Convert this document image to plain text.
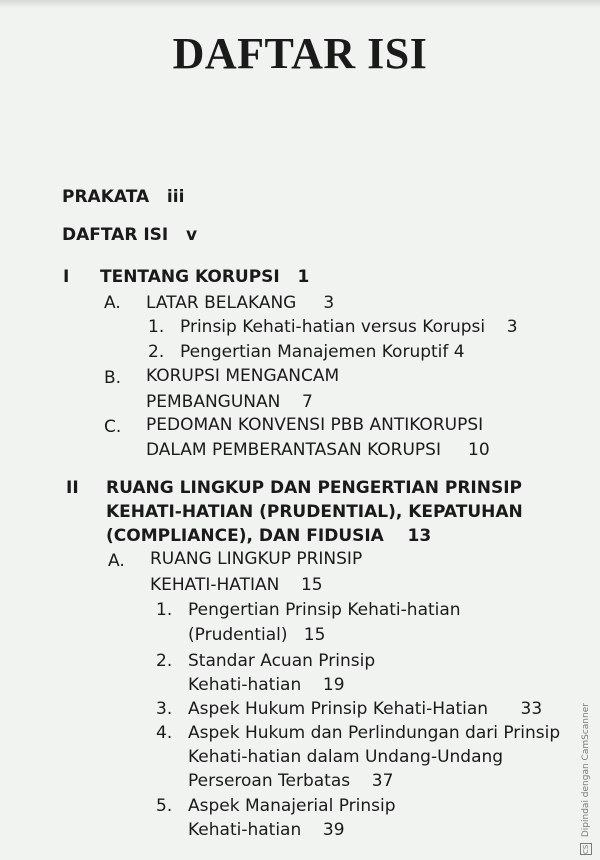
DAFTAR ISI
PRAKATA iii
DAFTAR ISI v
I TENTANG KORUPSI 1
A. LATAR BELAKANG 3
1. Prinsip Kehati-hatian versus Korupsi 3
2. Pengertian Manajemen Koruptif 4
B. KORUPSI MENGANCAM
PEMBANGUNAN 7
C. PEDOMAN KONVENSI PBB ANTIKORUPSI
DALAM PEMBERANTASAN KORUPSI 10
II RUANG LINGKUP DAN PENGERTIAN PRINSIP
KEHATI-HATIAN (PRUDENTIAL), KEPATUHAN
(COMPLIANCE), DAN FIDUSIA 13
A. RUANG LINGKUP PRINSIP
KEHATI-HATIAN 15
1. Pengertian Prinsip Kehati-hatian
(Prudential) 15
2. Standar Acuan Prinsip
Kehati-hatian 19
3. Aspek Hukum Prinsip Kehati-Hatian 33
4. Aspek Hukum dan Perlindungan dari Prinsip
Kehati-hatian dalam Undang-Undang
Perseroan Terbatas 37
5. Aspek Manajerial Prinsip
Kehati-hatian 39
CS Dipindai dengan CamScanner
